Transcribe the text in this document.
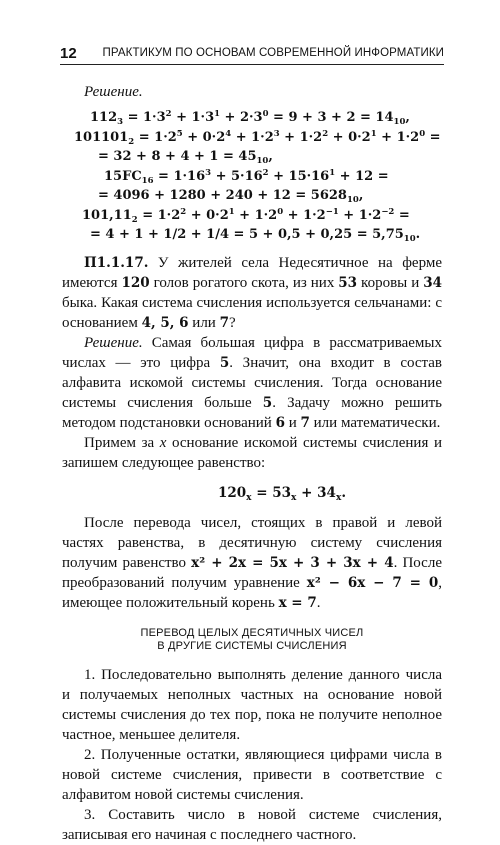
12	ПРАКТИКУМ ПО ОСНОВАМ СОВРЕМЕННОЙ ИНФОРМАТИКИ
Решение.
$112_3 = 1\cdot 3^2 + 1\cdot 3^1 + 2\cdot 3^0 = 9 + 3 + 2 = 14_{10}$,
$101101_2 = 1\cdot 2^5 + 0\cdot 2^4 + 1\cdot 2^3 + 1\cdot 2^2 + 0\cdot 2^1 + 1\cdot 2^0$ =
= $32 + 8 + 4 + 1 = 45_{10}$,
$15FC_{16} = 1\cdot 16^3 + 5\cdot 16^2 + 15\cdot 16^1 + 12$ =
= $4096 + 1280 + 240 + 12 = 5628_{10}$,
$101,11_2 = 1\cdot 2^2 + 0\cdot 2^1 + 1\cdot 2^0 + 1\cdot 2^{-1} + 1\cdot 2^{-2}$ =
= $4 + 1 + 1/2 + 1/4 = 5 + 0,5 + 0,25 = 5,75_{10}$.

П1.1.17. У жителей села Недесятичное на ферме имеются 120 голов рогатого скота, из них 53 коровы и 34 быка. Какая система счисления используется сельчанами: с основанием 4, 5, 6 или 7?

Решение. Самая большая цифра в рассматриваемых числах — это цифра 5. Значит, она входит в состав алфавита искомой системы счисления. Тогда основание системы счисления больше 5. Задачу можно решить методом подстановки оснований 6 и 7 или математически.

Примем за x основание искомой системы счисления и запишем следующее равенство:

$120_x = 53_x + 34_x$.

После перевода чисел, стоящих в правой и левой частях равенства, в десятичную систему счисления получим равенство x² + 2x = 5x + 3 + 3x + 4. После преобразований получим уравнение x² − 6x − 7 = 0, имеющее положительный корень x = 7.

ПЕРЕВОД ЦЕЛЫХ ДЕСЯТИЧНЫХ ЧИСЕЛ
В ДРУГИЕ СИСТЕМЫ СЧИСЛЕНИЯ

1. Последовательно выполнять деление данного числа и получаемых неполных частных на основание новой системы счисления до тех пор, пока не получите неполное частное, меньшее делителя.

2. Полученные остатки, являющиеся цифрами числа в новой системе счисления, привести в соответствие с алфавитом новой системы счисления.

3. Составить число в новой системе счисления, записывая его начиная с последнего частного.
